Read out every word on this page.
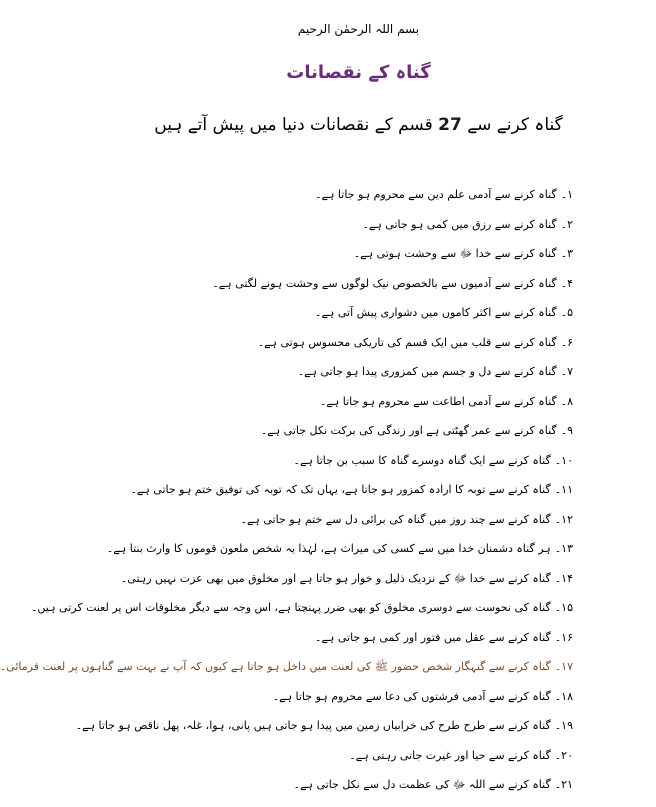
بسم اللہ الرحمٰن الرحیم
گناہ کے نقصانات
گناہ کرنے سے 27 قسم کے نقصانات دنیا میں پیش آتے ہیں
۱۔گناہ کرنے سے آدمی علم دین سے محروم ہو جاتا ہے۔
۲۔گناہ کرنے سے رزق میں کمی ہو جاتی ہے۔
۳۔گناہ کرنے سے خدا ﷻ سے وحشت ہوتی ہے۔
۴۔گناہ کرنے سے آدمیوں سے بالخصوص نیک لوگوں سے وحشت ہونے لگتی ہے۔
۵۔گناہ کرنے سے اکثر کاموں میں دشواری پیش آتی ہے۔
۶۔گناہ کرنے سے قلب میں ایک قسم کی تاریکی محسوس ہوتی ہے۔
۷۔گناہ کرنے سے دل و جسم میں کمزوری پیدا ہو جاتی ہے۔
۸۔گناہ کرنے سے آدمی اطاعت سے محروم ہو جاتا ہے۔
۹۔گناہ کرنے سے عمر گھٹتی ہے اور زندگی کی برکت نکل جاتی ہے۔
۱۰۔گناہ کرنے سے ایک گناہ دوسرے گناہ کا سبب بن جاتا ہے۔
۱۱۔گناہ کرنے سے توبہ کا ارادہ کمزور ہو جاتا ہے، یہاں تک کہ توبہ کی توفیق ختم ہو جاتی ہے۔
۱۲۔گناہ کرنے سے چند روز میں گناہ کی برائی دل سے ختم ہو جاتی ہے۔
۱۳۔ہر گناہ دشمنان خدا میں سے کسی کی میراث ہے، لہٰذا یہ شخص ملعون قوموں کا وارث بنتا ہے۔
۱۴۔گناہ کرنے سے خدا ﷻ کے نزدیک ذلیل و خوار ہو جاتا ہے اور مخلوق میں بھی عزت نہیں رہتی۔
۱۵۔گناہ کی نحوست سے دوسری مخلوق کو بھی ضرر پہنچتا ہے، اس وجہ سے دیگر مخلوقات اس پر لعنت کرتی ہیں۔
۱۶۔گناہ کرنے سے عقل میں فتور اور کمی ہو جاتی ہے۔
۱۷۔گناہ کرنے سے گنہگار شخص حضور ﷺ کی لعنت میں داخل ہو جاتا ہے کیوں کہ آپ نے بہت سے گناہوں پر لعنت فرمائی۔
۱۸۔گناہ کرنے سے آدمی فرشتوں کی دعا سے محروم ہو جاتا ہے۔
۱۹۔گناہ کرنے سے طرح طرح کی خرابیاں زمین میں پیدا ہو جاتی ہیں پانی، ہوا، غلہ، پھل ناقص ہو جاتا ہے۔
۲۰۔گناہ کرنے سے حیا اور غیرت جاتی رہتی ہے۔
۲۱۔گناہ کرنے سے اللہ ﷻ کی عظمت دل سے نکل جاتی ہے۔
